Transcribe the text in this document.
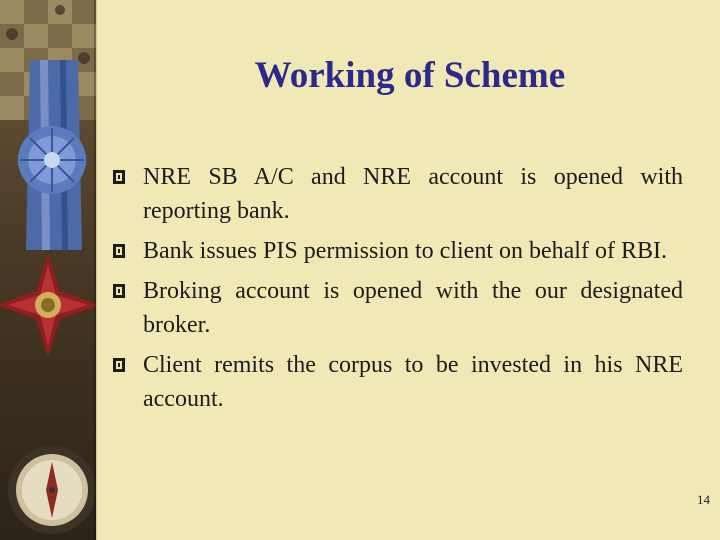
Working of Scheme
NRE SB A/C and NRE account is opened with reporting bank.
Bank issues PIS permission to client on behalf of RBI.
Broking account is opened with the our designated broker.
Client remits the corpus to be invested in his NRE account.
14
